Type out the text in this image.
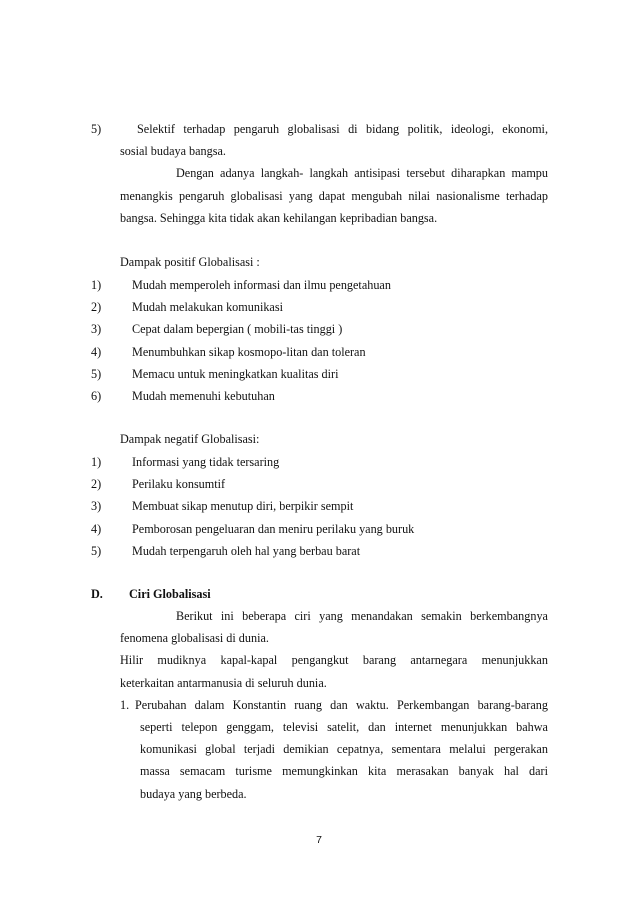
5)	Selektif terhadap pengaruh globalisasi di bidang politik, ideologi, ekonomi,
sosial budaya bangsa.
Dengan adanya langkah- langkah antisipasi tersebut diharapkan mampu
menangkis pengaruh globalisasi yang dapat mengubah nilai nasionalisme terhadap
bangsa. Sehingga kita tidak akan kehilangan kepribadian bangsa.
Dampak positif Globalisasi :
1)	Mudah memperoleh informasi dan ilmu pengetahuan
2)	Mudah melakukan komunikasi
3)	Cepat dalam bepergian ( mobili-tas tinggi )
4)	Menumbuhkan sikap kosmopo-litan dan toleran
5)	Memacu untuk meningkatkan kualitas diri
6)	Mudah memenuhi kebutuhan
Dampak negatif Globalisasi:
1)	Informasi yang tidak tersaring
2)	Perilaku konsumtif
3)	Membuat sikap menutup diri, berpikir sempit
4)	Pemborosan pengeluaran dan meniru perilaku yang buruk
5)	Mudah terpengaruh oleh hal yang berbau barat
D. Ciri Globalisasi
Berikut ini beberapa ciri yang menandakan semakin berkembangnya
fenomena globalisasi di dunia.
Hilir mudiknya kapal-kapal pengangkut barang antarnegara menunjukkan
keterkaitan antarmanusia di seluruh dunia.
1. Perubahan dalam Konstantin ruang dan waktu. Perkembangan barang-barang
seperti telepon genggam, televisi satelit, dan internet menunjukkan bahwa
komunikasi global terjadi demikian cepatnya, sementara melalui pergerakan
massa semacam turisme memungkinkan kita merasakan banyak hal dari
budaya yang berbeda.
7
